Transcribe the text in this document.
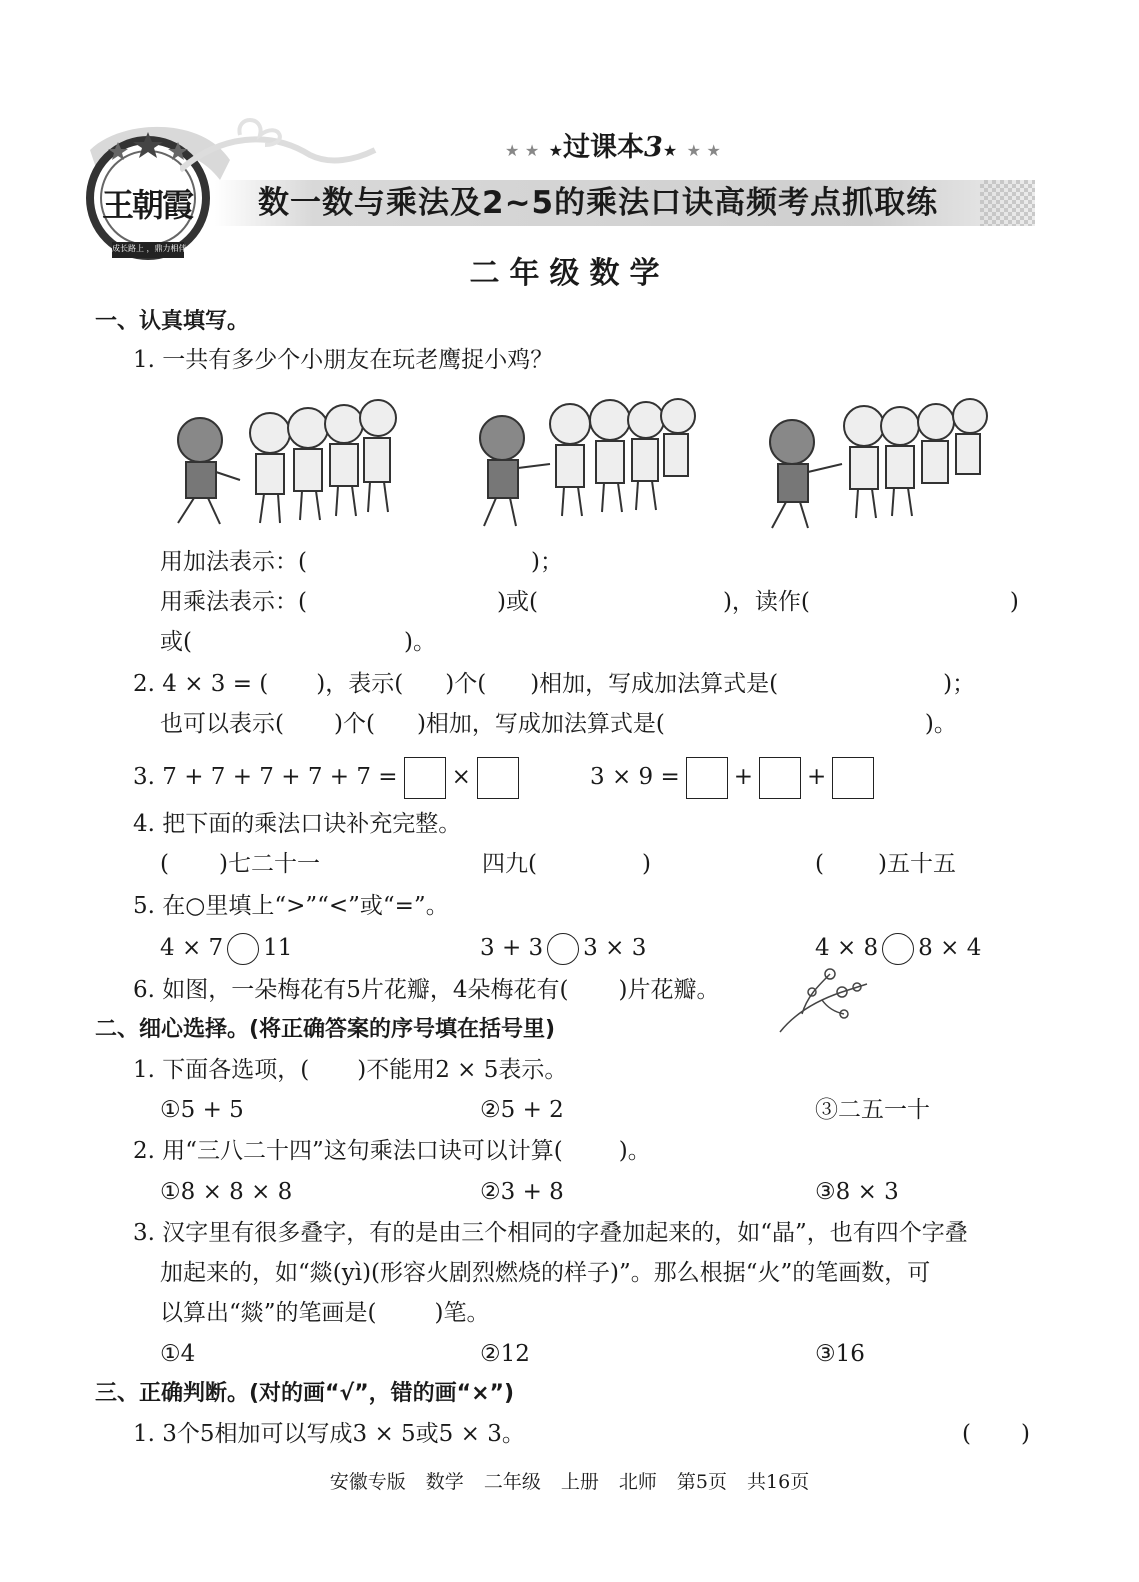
王朝霞
成长路上 ，鼎力相伴
★ ★ ★过课本3★ ★ ★
数一数与乘法及2~5的乘法口诀高频考点抓取练
二年级数学
一、认真填写。
1. 一共有多少个小朋友在玩老鹰捉小鸡？
用加法表示：(	)；
用乘法表示：(	)或(	)，读作(	)
或(	)。
2. 4 × 3 = ( )，表示( )个( )相加，写成加法算式是(	)；
也可以表示( )个( )相加，写成加法算式是(	)。
3. 7 + 7 + 7 + 7 + 7 = ×	3 × 9 = + +
4. 把下面的乘法口诀补充完整。
( )七二十一	四九(	)	( )五十五
5. 在○里填上“>”“<”或“=”。
4 × 7 11	3 + 3 3 × 3	4 × 8 8 × 4
6. 如图，一朵梅花有5片花瓣，4朵梅花有( )片花瓣。
二、细心选择。(将正确答案的序号填在括号里)
1. 下面各选项，( )不能用2 × 5表示。
①5 + 5	②5 + 2	③二五一十
2. 用“三八二十四”这句乘法口诀可以计算( )。
①8 × 8 × 8	②3 + 8	③8 × 3
3. 汉字里有很多叠字，有的是由三个相同的字叠加起来的，如“晶”，也有四个字叠
加起来的，如“燚(yì)(形容火剧烈燃烧的样子)”。那么根据“火”的笔画数，可
以算出“燚”的笔画是(	)笔。
①4	②12	③16
三、正确判断。(对的画“√”，错的画“×”)
1. 3个5相加可以写成3 × 5或5 × 3。	( )
安徽专版 数学 二年级 上册 北师 第5页 共16页
